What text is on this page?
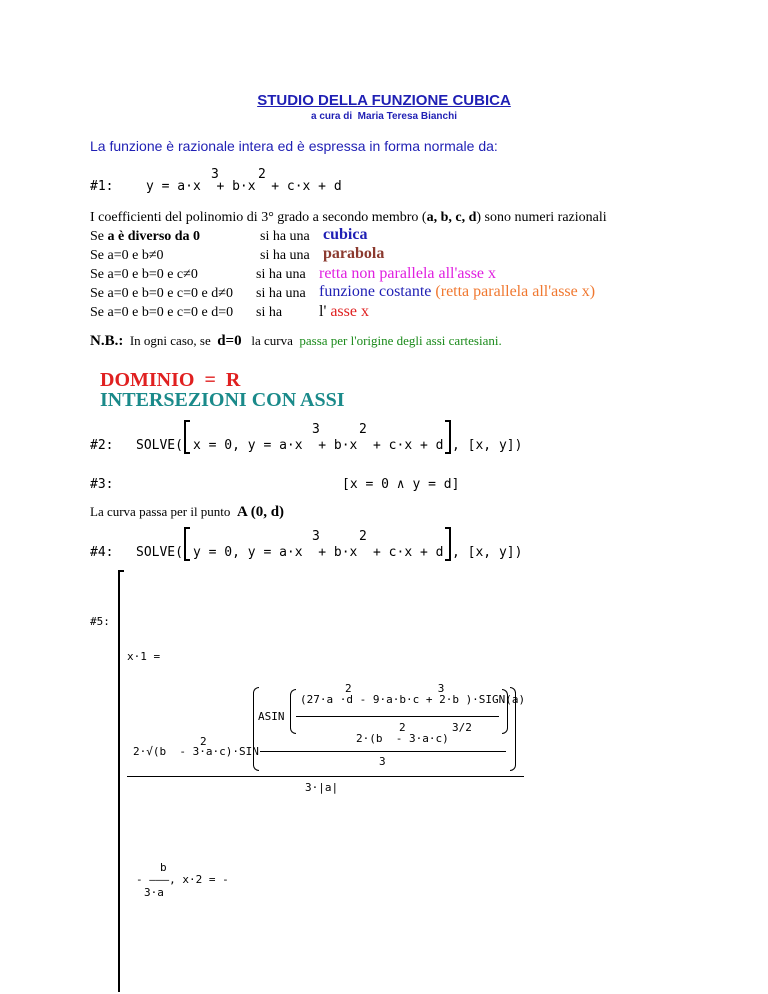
STUDIO DELLA FUNZIONE CUBICA
a cura di  Maria Teresa Bianchi
La funzione è razionale intera ed è espressa in forma normale da:
#1:
3     2
y = a·x  + b·x  + c·x + d
I coefficienti del polinomio di 3° grado a secondo membro (a, b, c, d) sono numeri razionali
Se a è diverso da 0	si ha una cubica
Se a=0 e b≠0	si ha una parabola
Se a=0 e b=0 e c≠0	si ha una retta non parallela all'asse x
Se a=0 e b=0 e c=0 e d≠0 si ha una funzione costante (retta parallela all'asse x)
Se a=0 e b=0 e c=0 e d=0 si ha l' asse x
N.B.: In ogni caso, se d=0 la curva passa per l'origine degli assi cartesiani.
DOMINIO  =  R
INTERSEZIONI CON ASSI
#2: SOLVE(
3     2
x = 0, y = a·x  + b·x  + c·x + d , [x, y])
#3:	[x = 0 ∧ y = d]
La curva passa per il punto A (0, d)
#4: SOLVE(
3     2
y = 0, y = a·x  + b·x  + c·x + d , [x, y])
#5:
x·1 =
2             3
(27·a ·d - 9·a·b·c + 2·b )·SIGN(a)
ASIN
2       3/2
2·(b  - 3·a·c)
2
2·√(b  - 3·a·c)·SIN
3
3·|a|
b
- ———, x·2 = -
3·a
